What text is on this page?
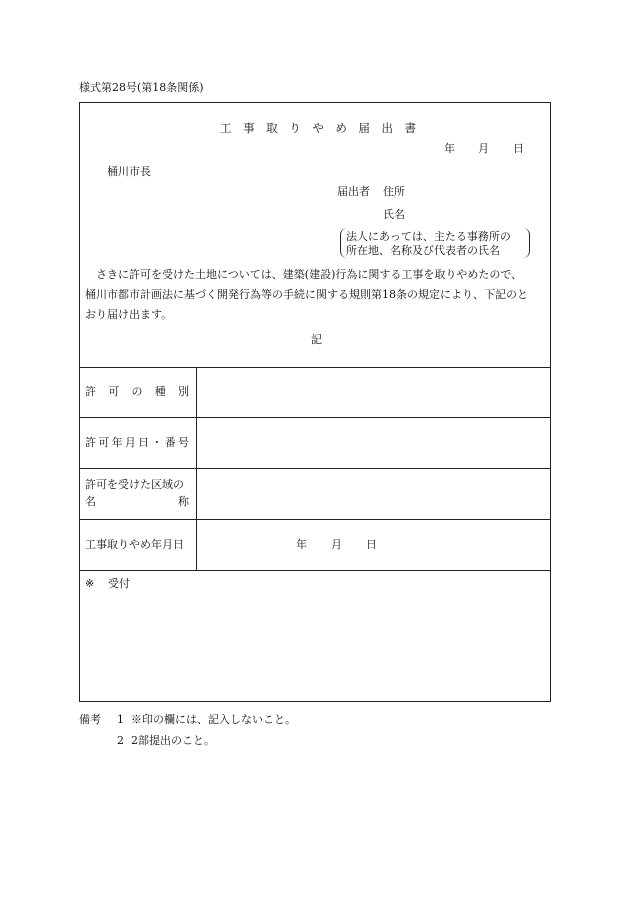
様式第28号(第18条関係)
工 事 取 り や め 届 出 書
年 月 日
桶川市長
届出者 住所
氏名
法人にあっては、主たる事務所の
所在地、名称及び代表者の氏名
さきに許可を受けた土地については、建築(建設)行為に関する工事を取りやめたので、
桶川市都市計画法に基づく開発行為等の手続に関する規則第18条の規定により、下記のと
おり届け出ます。
記
許 可 の 種 別
許 可 年 月 日 ・ 番 号
許可を受けた区域の
名	称
工事取りやめ年月日	年 月 日
※ 受付
備考 1 ※印の欄には、記入しないこと。
2 2部提出のこと。
